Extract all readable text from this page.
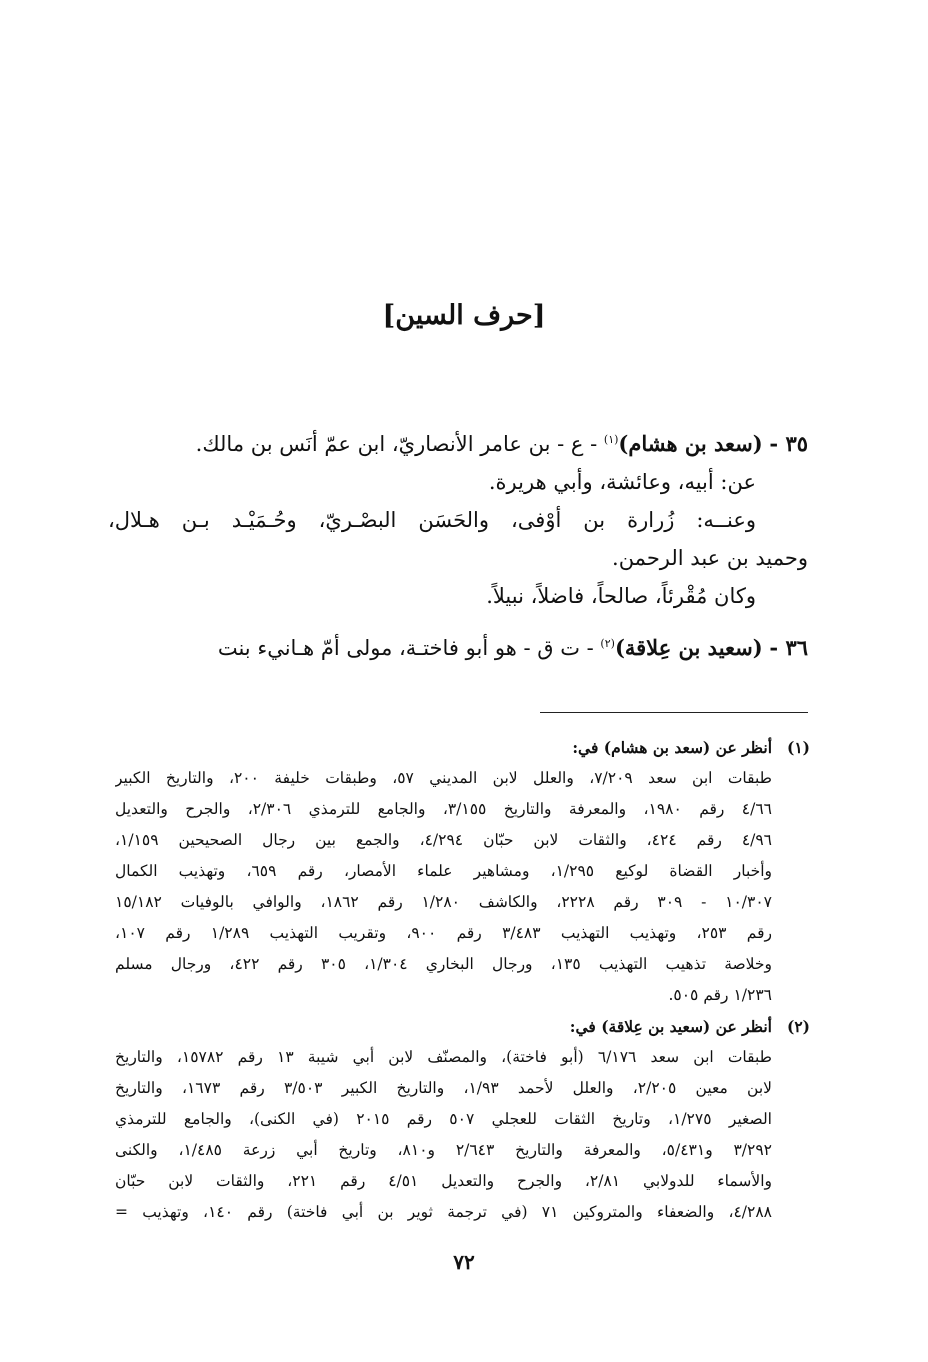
[حرف السين]
٣٥ - (سعد بن هشام)$^{(١)}$ - ع - بن عامر الأنصاريّ، ابن عمّ أنَس بن مالك.
عن: أبيه، وعائشة، وأبي هريرة.
وعنــه: زُرارة بن أوْفى، والحَسَن البصْـريّ، وحُـمَيْـد بـن هـلال،
وحميد بن عبد الرحمن.
وكان مُقْرئاً، صالحاً، فاضلاً، نبيلاً.
٣٦ - (سعيد بن عِلاقة)$^{(٢)}$ - ت ق - هو أبو فاختـة، مولى أمّ هـانيء بنت
(١)أنظر عن (سعد بن هشام) في:
طبقات ابن سعد ٧/٢٠٩، والعلل لابن المديني ٥٧، وطبقات خليفة ٢٠٠، والتاريخ الكبير
٤/٦٦ رقم ١٩٨٠، والمعرفة والتاريخ ٣/١٥٥، والجامع للترمذي ٢/٣٠٦، والجرح والتعديل
٤/٩٦ رقم ٤٢٤، والثقات لابن حبّان ٤/٢٩٤، والجمع بين رجال الصحيحين ١/١٥٩،
وأخبار القضاة لوكيع ١/٢٩٥، ومشاهير علماء الأمصار، رقم ٦٥٩، وتهذيب الكمال
١٠/٣٠٧ - ٣٠٩ رقم ٢٢٢٨، والكاشف ١/٢٨٠ رقم ١٨٦٢، والوافي بالوفيات ١٥/١٨٢
رقم ٢٥٣، وتهذيب التهذيب ٣/٤٨٣ رقم ٩٠٠، وتقريب التهذيب ١/٢٨٩ رقم ١٠٧،
وخلاصة تذهيب التهذيب ١٣٥، ورجال البخاري ١/٣٠٤، ٣٠٥ رقم ٤٢٢، ورجال مسلم
١/٢٣٦ رقم ٥٠٥.
(٢)أنظر عن (سعيد بن عِلاقة) في:
طبقات ابن سعد ٦/١٧٦ (أبو فاختة)، والمصنّف لابن أبي شيبة ١٣ رقم ١٥٧٨٢، والتاريخ
لابن معين ٢/٢٠٥، والعلل لأحمد ١/٩٣، والتاريخ الكبير ٣/٥٠٣ رقم ١٦٧٣، والتاريخ
الصغير ١/٢٧٥، وتاريخ الثقات للعجلي ٥٠٧ رقم ٢٠١٥ (في الكنى)، والجامع للترمذي
٣/٢٩٢ و٥/٤٣١، والمعرفة والتاريخ ٢/٦٤٣ و٨١٠، وتاريخ أبي زرعة ١/٤٨٥، والكنى
والأسماء للدولابي ٢/٨١، والجرح والتعديل ٤/٥١ رقم ٢٢١، والثقات لابن حبّان
٤/٢٨٨، والضعفاء والمتروكين ٧١ (في ترجمة ثوير بن أبي فاختة) رقم ١٤٠، وتهذيب =
٧٢
